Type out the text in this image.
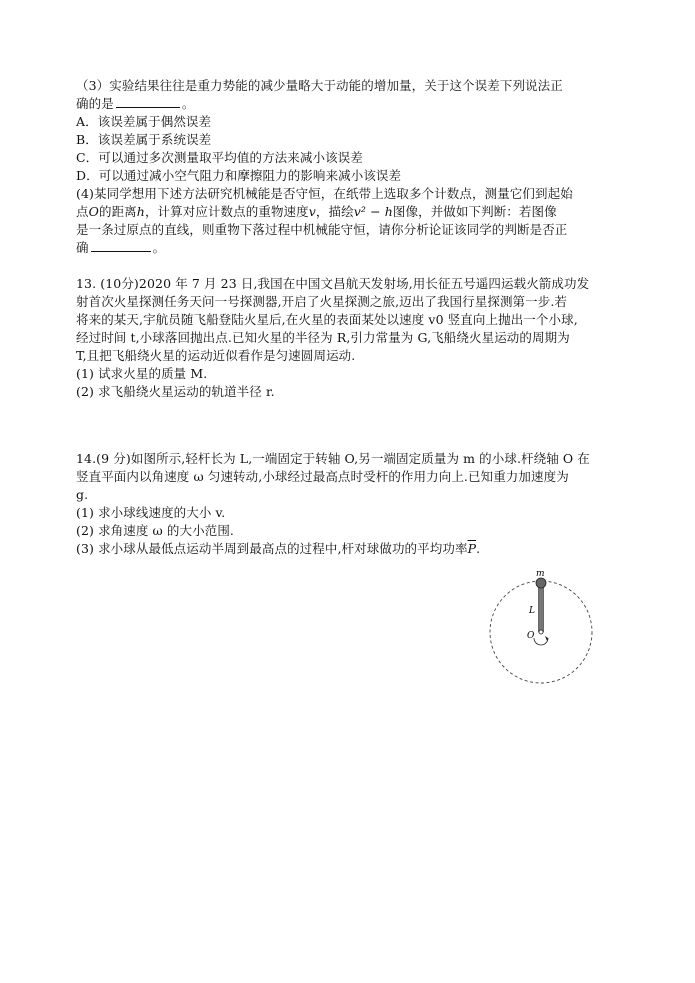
（3）实验结果往往是重力势能的减少量略大于动能的增加量，关于这个误差下列说法正
确的是	。
A．该误差属于偶然误差
B．该误差属于系统误差
C．可以通过多次测量取平均值的方法来减小该误差
D．可以通过减小空气阻力和摩擦阻力的影响来减小该误差
(4)某同学想用下述方法研究机械能是否守恒，在纸带上选取多个计数点，测量它们到起始
点O的距离h，计算对应计数点的重物速度v，描绘v² − h图像，并做如下判断：若图像
是一条过原点的直线，则重物下落过程中机械能守恒，请你分析论证该同学的判断是否正
确	。
13. (10分)2020 年 7 月 23 日,我国在中国文昌航天发射场,用长征五号遥四运载火箭成功发
射首次火星探测任务天问一号探测器,开启了火星探测之旅,迈出了我国行星探测第一步.若
将来的某天,宇航员随飞船登陆火星后,在火星的表面某处以速度 v0 竖直向上抛出一个小球,
经过时间 t,小球落回抛出点.已知火星的半径为 R,引力常量为 G,飞船绕火星运动的周期为
T,且把飞船绕火星的运动近似看作是匀速圆周运动.
(1) 试求火星的质量 M.
(2) 求飞船绕火星运动的轨道半径 r.
14.(9 分)如图所示,轻杆长为 L,一端固定于转轴 O,另一端固定质量为 m 的小球.杆绕轴 O 在
竖直平面内以角速度 ω 匀速转动,小球经过最高点时受杆的作用力向上.已知重力加速度为
g.
(1) 求小球线速度的大小 v.
(2) 求角速度 ω 的大小范围.
(3) 求小球从最低点运动半周到最高点的过程中,杆对球做功的平均功率$\overline{P}$.
m
L
O
